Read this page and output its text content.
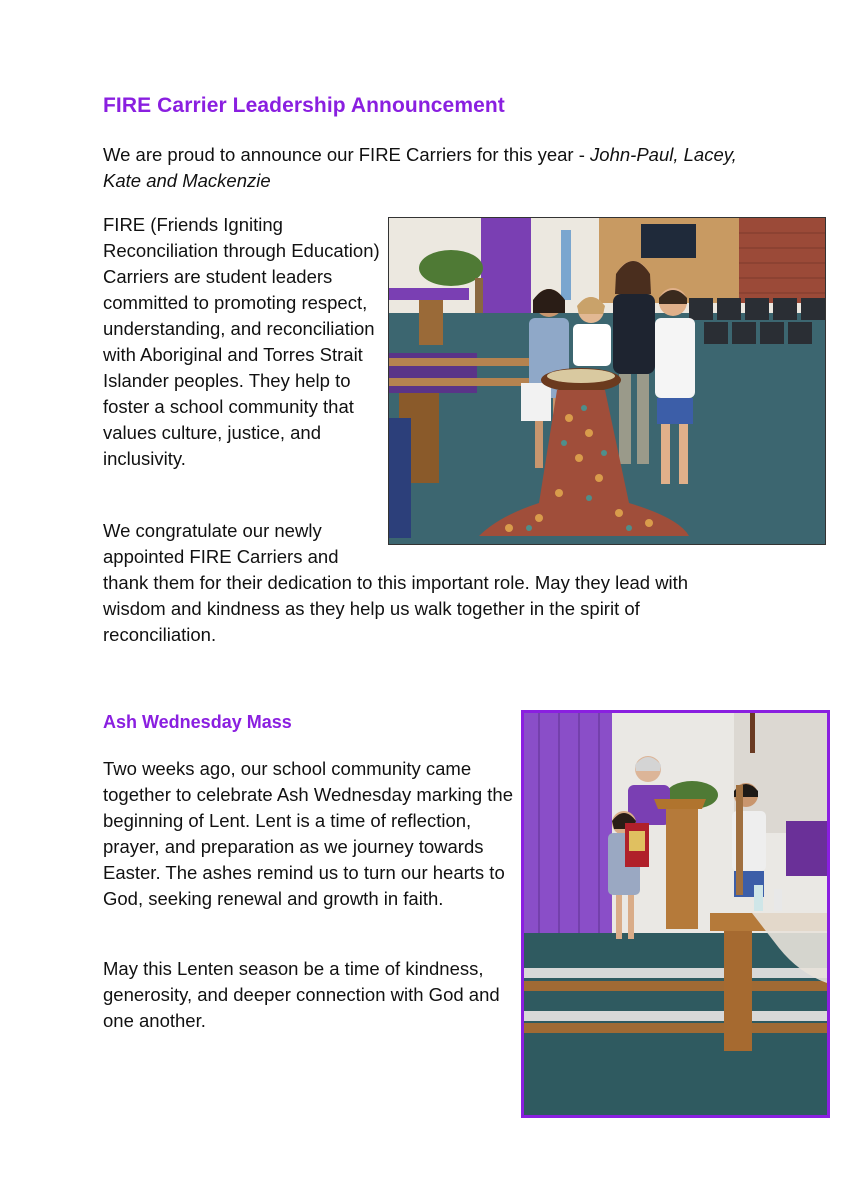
FIRE Carrier Leadership Announcement

We are proud to announce our FIRE Carriers for this year - John-Paul, Lacey, Kate and Mackenzie

FIRE (Friends Igniting Reconciliation through Education) Carriers are student leaders committed to promoting respect, understanding, and reconciliation with Aboriginal and Torres Strait Islander peoples. They help to foster a school community that values culture, justice, and inclusivity.

We congratulate our newly appointed FIRE Carriers and

thank them for their dedication to this important role. May they lead with wisdom and kindness as they help us walk together in the spirit of reconciliation.

Ash Wednesday Mass

Two weeks ago, our school community came together to celebrate Ash Wednesday marking the beginning of Lent. Lent is a time of reflection, prayer, and preparation as we journey towards Easter. The ashes remind us to turn our hearts to God, seeking renewal and growth in faith.

May this Lenten season be a time of kindness, generosity, and deeper connection with God and one another.
